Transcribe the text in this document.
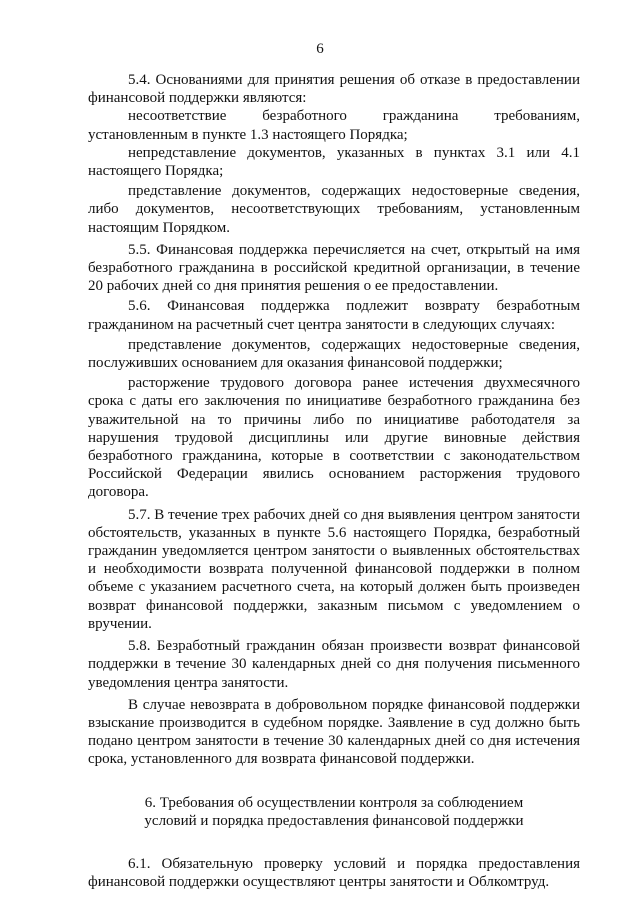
6

5.4. Основаниями для принятия решения об отказе в предоставлении финансовой поддержки являются:

несоответствие безработного гражданина требованиям, установленным в пункте 1.3 настоящего Порядка;

непредставление документов, указанных в пунктах 3.1 или 4.1 настоящего Порядка;

представление документов, содержащих недостоверные сведения, либо документов, несоответствующих требованиям, установленным настоящим Порядком.

5.5. Финансовая поддержка перечисляется на счет, открытый на имя безработного гражданина в российской кредитной организации, в течение 20 рабочих дней со дня принятия решения о ее предоставлении.

5.6. Финансовая поддержка подлежит возврату безработным гражданином на расчетный счет центра занятости в следующих случаях:

представление документов, содержащих недостоверные сведения, послуживших основанием для оказания финансовой поддержки;

расторжение трудового договора ранее истечения двухмесячного срока с даты его заключения по инициативе безработного гражданина без уважительной на то причины либо по инициативе работодателя за нарушения трудовой дисциплины или другие виновные действия безработного гражданина, которые в соответствии с законодательством Российской Федерации явились основанием расторжения трудового договора.

5.7. В течение трех рабочих дней со дня выявления центром занятости обстоятельств, указанных в пункте 5.6 настоящего Порядка, безработный гражданин уведомляется центром занятости о выявленных обстоятельствах и необходимости возврата полученной финансовой поддержки в полном объеме с указанием расчетного счета, на который должен быть произведен возврат финансовой поддержки, заказным письмом с уведомлением о вручении.

5.8. Безработный гражданин обязан произвести возврат финансовой поддержки в течение 30 календарных дней со дня получения письменного уведомления центра занятости.

В случае невозврата в добровольном порядке финансовой поддержки взыскание производится в судебном порядке. Заявление в суд должно быть подано центром занятости в течение 30 календарных дней со дня истечения срока, установленного для возврата финансовой поддержки.

6. Требования об осуществлении контроля за соблюдением условий и порядка предоставления финансовой поддержки

6.1. Обязательную проверку условий и порядка предоставления финансовой поддержки осуществляют центры занятости и Облкомтруд.
